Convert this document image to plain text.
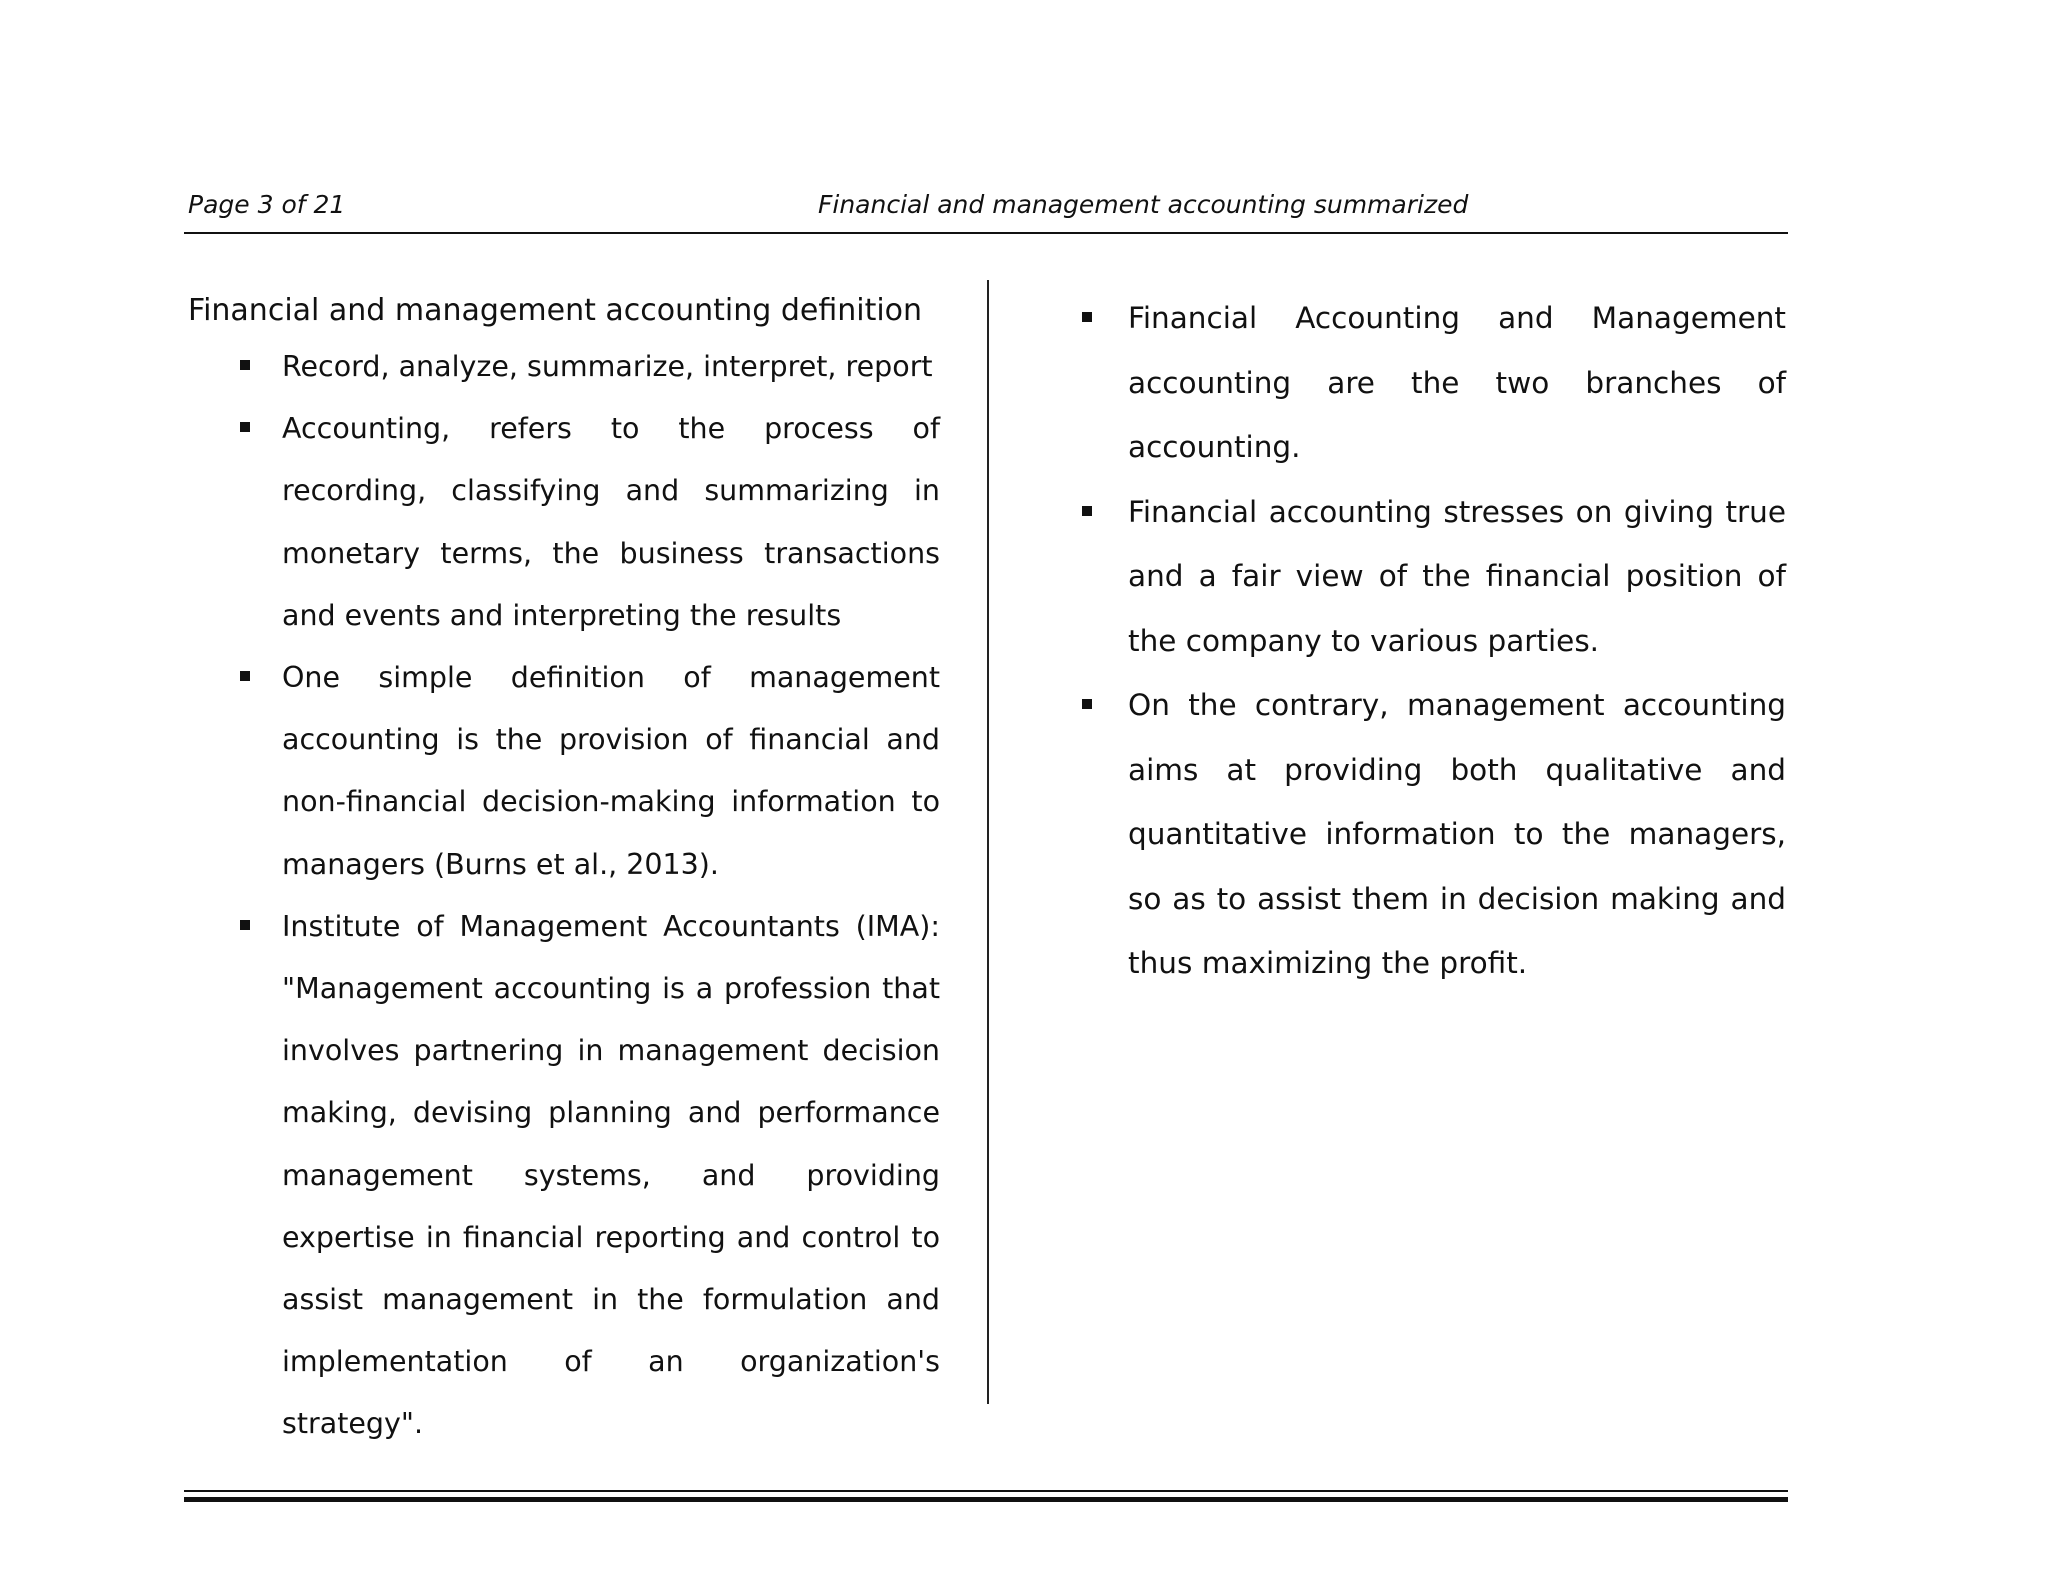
Page 3 of 21	Financial and management accounting summarized

Financial and management accounting definition

Record, analyze, summarize, interpret, report
Accounting, refers to the process of recording, classifying and summarizing in monetary terms, the business transactions and events and interpreting the results
One simple definition of management accounting is the provision of financial and non-financial decision-making information to managers (Burns et al., 2013).
Institute of Management Accountants (IMA): "Management accounting is a profession that involves partnering in management decision making, devising planning and performance management systems, and providing expertise in financial reporting and control to assist management in the formulation and implementation of an organization's strategy".
Financial Accounting and Management accounting are the two branches of accounting.
Financial accounting stresses on giving true and a fair view of the financial position of the company to various parties.
On the contrary, management accounting aims at providing both qualitative and quantitative information to the managers, so as to assist them in decision making and thus maximizing the profit.
